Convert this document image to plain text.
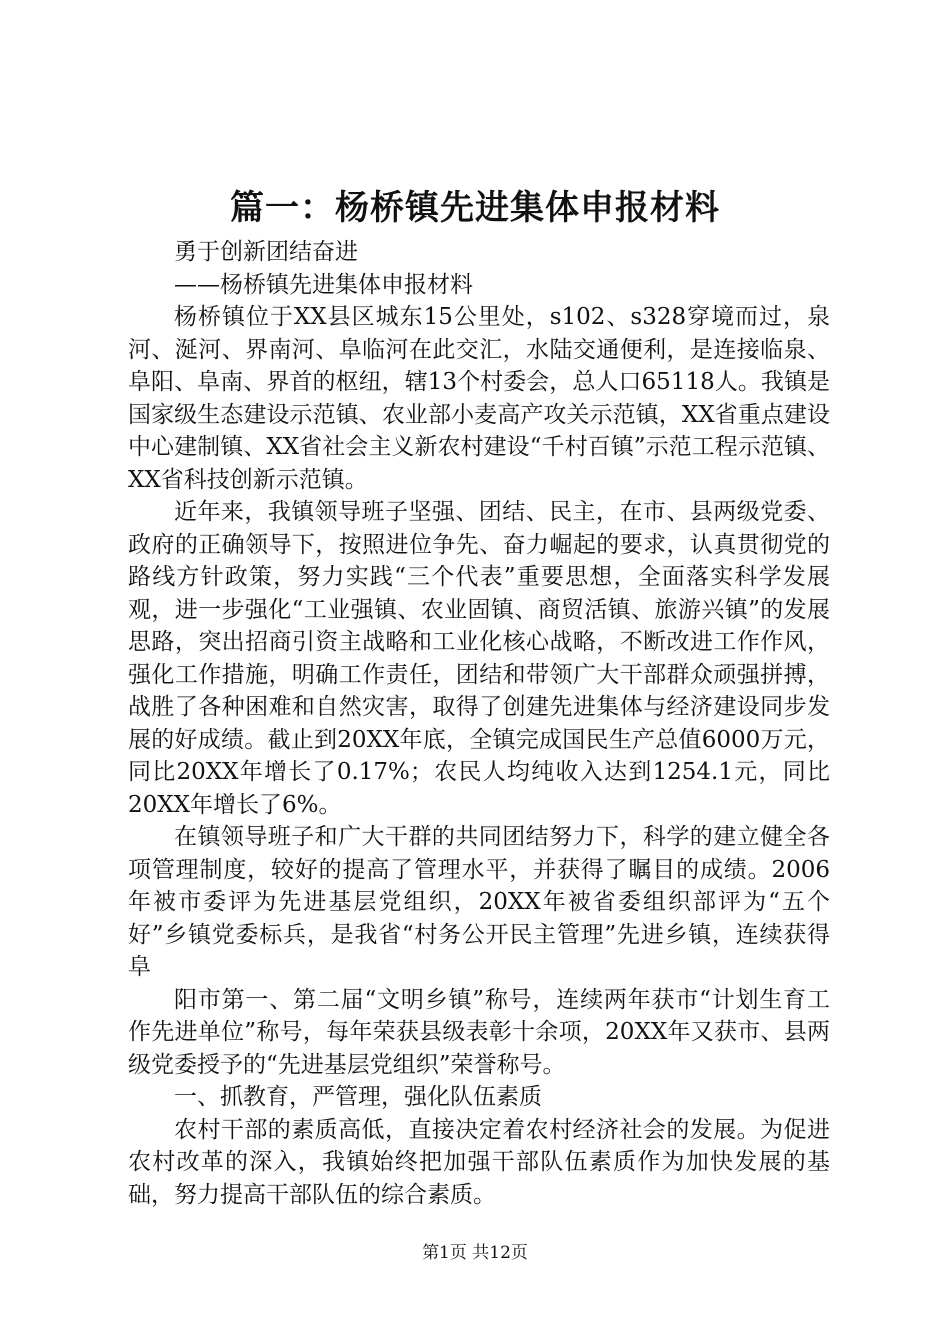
篇一：杨桥镇先进集体申报材料

勇于创新团结奋进

——杨桥镇先进集体申报材料

杨桥镇位于XX县区城东15公里处，s102、s328穿境而过，泉河、涎河、界南河、阜临河在此交汇，水陆交通便利，是连接临泉、阜阳、阜南、界首的枢纽，辖13个村委会，总人口65118人。我镇是国家级生态建设示范镇、农业部小麦高产攻关示范镇，XX省重点建设中心建制镇、XX省社会主义新农村建设“千村百镇”示范工程示范镇、XX省科技创新示范镇。

近年来，我镇领导班子坚强、团结、民主，在市、县两级党委、政府的正确领导下，按照进位争先、奋力崛起的要求，认真贯彻党的路线方针政策，努力实践“三个代表”重要思想，全面落实科学发展观，进一步强化“工业强镇、农业固镇、商贸活镇、旅游兴镇”的发展思路，突出招商引资主战略和工业化核心战略，不断改进工作作风，强化工作措施，明确工作责任，团结和带领广大干部群众顽强拼搏，战胜了各种困难和自然灾害，取得了创建先进集体与经济建设同步发展的好成绩。截止到20XX年底，全镇完成国民生产总值6000万元，同比20XX年增长了0.17%；农民人均纯收入达到1254.1元，同比20XX年增长了6%。

在镇领导班子和广大干群的共同团结努力下，科学的建立健全各项管理制度，较好的提高了管理水平，并获得了瞩目的成绩。2006年被市委评为先进基层党组织，20XX年被省委组织部评为“五个好”乡镇党委标兵，是我省“村务公开民主管理”先进乡镇，连续获得阜

阳市第一、第二届“文明乡镇”称号，连续两年获市“计划生育工作先进单位”称号，每年荣获县级表彰十余项，20XX年又获市、县两级党委授予的“先进基层党组织”荣誉称号。

一、抓教育，严管理，强化队伍素质

农村干部的素质高低，直接决定着农村经济社会的发展。为促进农村改革的深入，我镇始终把加强干部队伍素质作为加快发展的基础，努力提高干部队伍的综合素质。

第1页 共12页
